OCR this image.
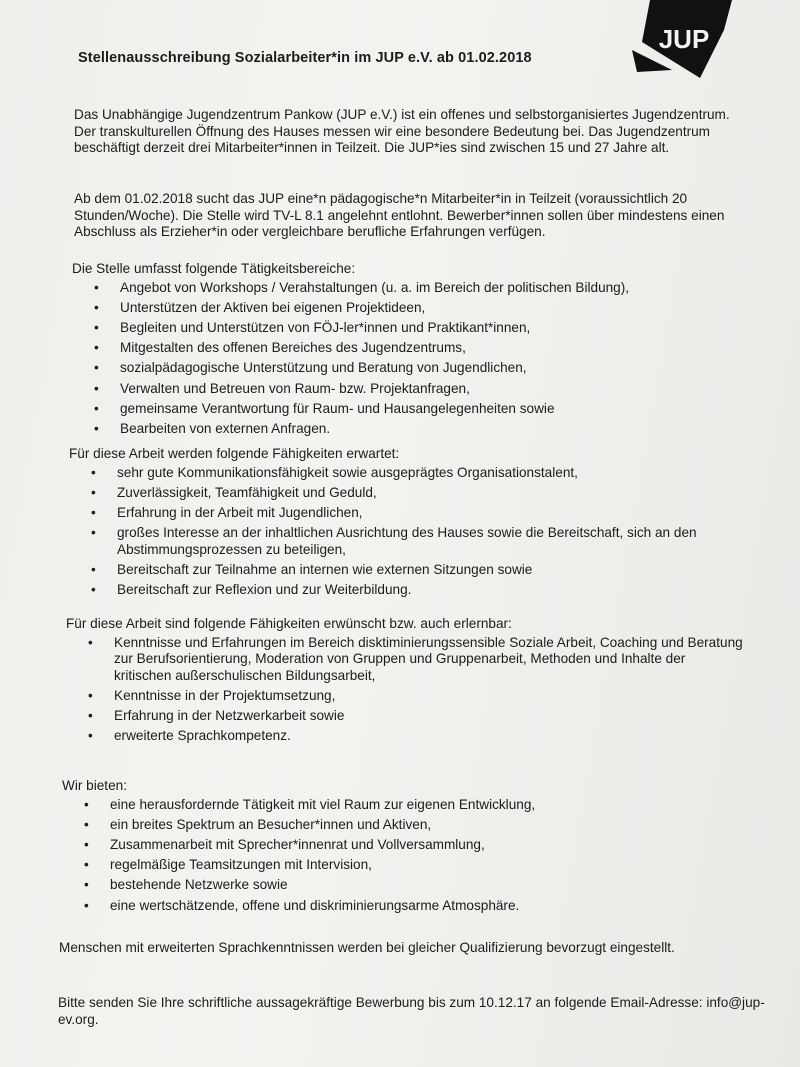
JUP
Stellenausschreibung Sozialarbeiter*in im JUP e.V. ab 01.02.2018

Das Unabhängige Jugendzentrum Pankow (JUP e.V.) ist ein offenes und selbstorganisiertes Jugendzentrum. Der transkulturellen Öffnung des Hauses messen wir eine besondere Bedeutung bei. Das Jugendzentrum beschäftigt derzeit drei Mitarbeiter*innen in Teilzeit. Die JUP*ies sind zwischen 15 und 27 Jahre alt.

Ab dem 01.02.2018 sucht das JUP eine*n pädagogische*n Mitarbeiter*in in Teilzeit (voraussichtlich 20 Stunden/Woche). Die Stelle wird TV-L 8.1 angelehnt entlohnt. Bewerber*innen sollen über mindestens einen Abschluss als Erzieher*in oder vergleichbare berufliche Erfahrungen verfügen.

Die Stelle umfasst folgende Tätigkeitsbereiche:

• Angebot von Workshops / Verahstaltungen (u. a. im Bereich der politischen Bildung),
• Unterstützen der Aktiven bei eigenen Projektideen,
• Begleiten und Unterstützen von FÖJ-ler*innen und Praktikant*innen,
• Mitgestalten des offenen Bereiches des Jugendzentrums,
• sozialpädagogische Unterstützung und Beratung von Jugendlichen,
• Verwalten und Betreuen von Raum- bzw. Projektanfragen,
• gemeinsame Verantwortung für Raum- und Hausangelegenheiten sowie
• Bearbeiten von externen Anfragen.

Für diese Arbeit werden folgende Fähigkeiten erwartet:

• sehr gute Kommunikationsfähigkeit sowie ausgeprägtes Organisationstalent,
• Zuverlässigkeit, Teamfähigkeit und Geduld,
• Erfahrung in der Arbeit mit Jugendlichen,
• großes Interesse an der inhaltlichen Ausrichtung des Hauses sowie die Bereitschaft, sich an den Abstimmungsprozessen zu beteiligen,
• Bereitschaft zur Teilnahme an internen wie externen Sitzungen sowie
• Bereitschaft zur Reflexion und zur Weiterbildung.

Für diese Arbeit sind folgende Fähigkeiten erwünscht bzw. auch erlernbar:

• Kenntnisse und Erfahrungen im Bereich disktiminierungssensible Soziale Arbeit, Coaching und Beratung zur Berufsorientierung, Moderation von Gruppen und Gruppenarbeit, Methoden und Inhalte der kritischen außerschulischen Bildungsarbeit,
• Kenntnisse in der Projektumsetzung,
• Erfahrung in der Netzwerkarbeit sowie
• erweiterte Sprachkompetenz.

Wir bieten:

• eine herausfordernde Tätigkeit mit viel Raum zur eigenen Entwicklung,
• ein breites Spektrum an Besucher*innen und Aktiven,
• Zusammenarbeit mit Sprecher*innenrat und Vollversammlung,
• regelmäßige Teamsitzungen mit Intervision,
• bestehende Netzwerke sowie
• eine wertschätzende, offene und diskriminierungsarme Atmosphäre.

Menschen mit erweiterten Sprachkenntnissen werden bei gleicher Qualifizierung bevorzugt eingestellt.

Bitte senden Sie Ihre schriftliche aussagekräftige Bewerbung bis zum 10.12.17 an folgende Email-Adresse: info@jup-ev.org.
